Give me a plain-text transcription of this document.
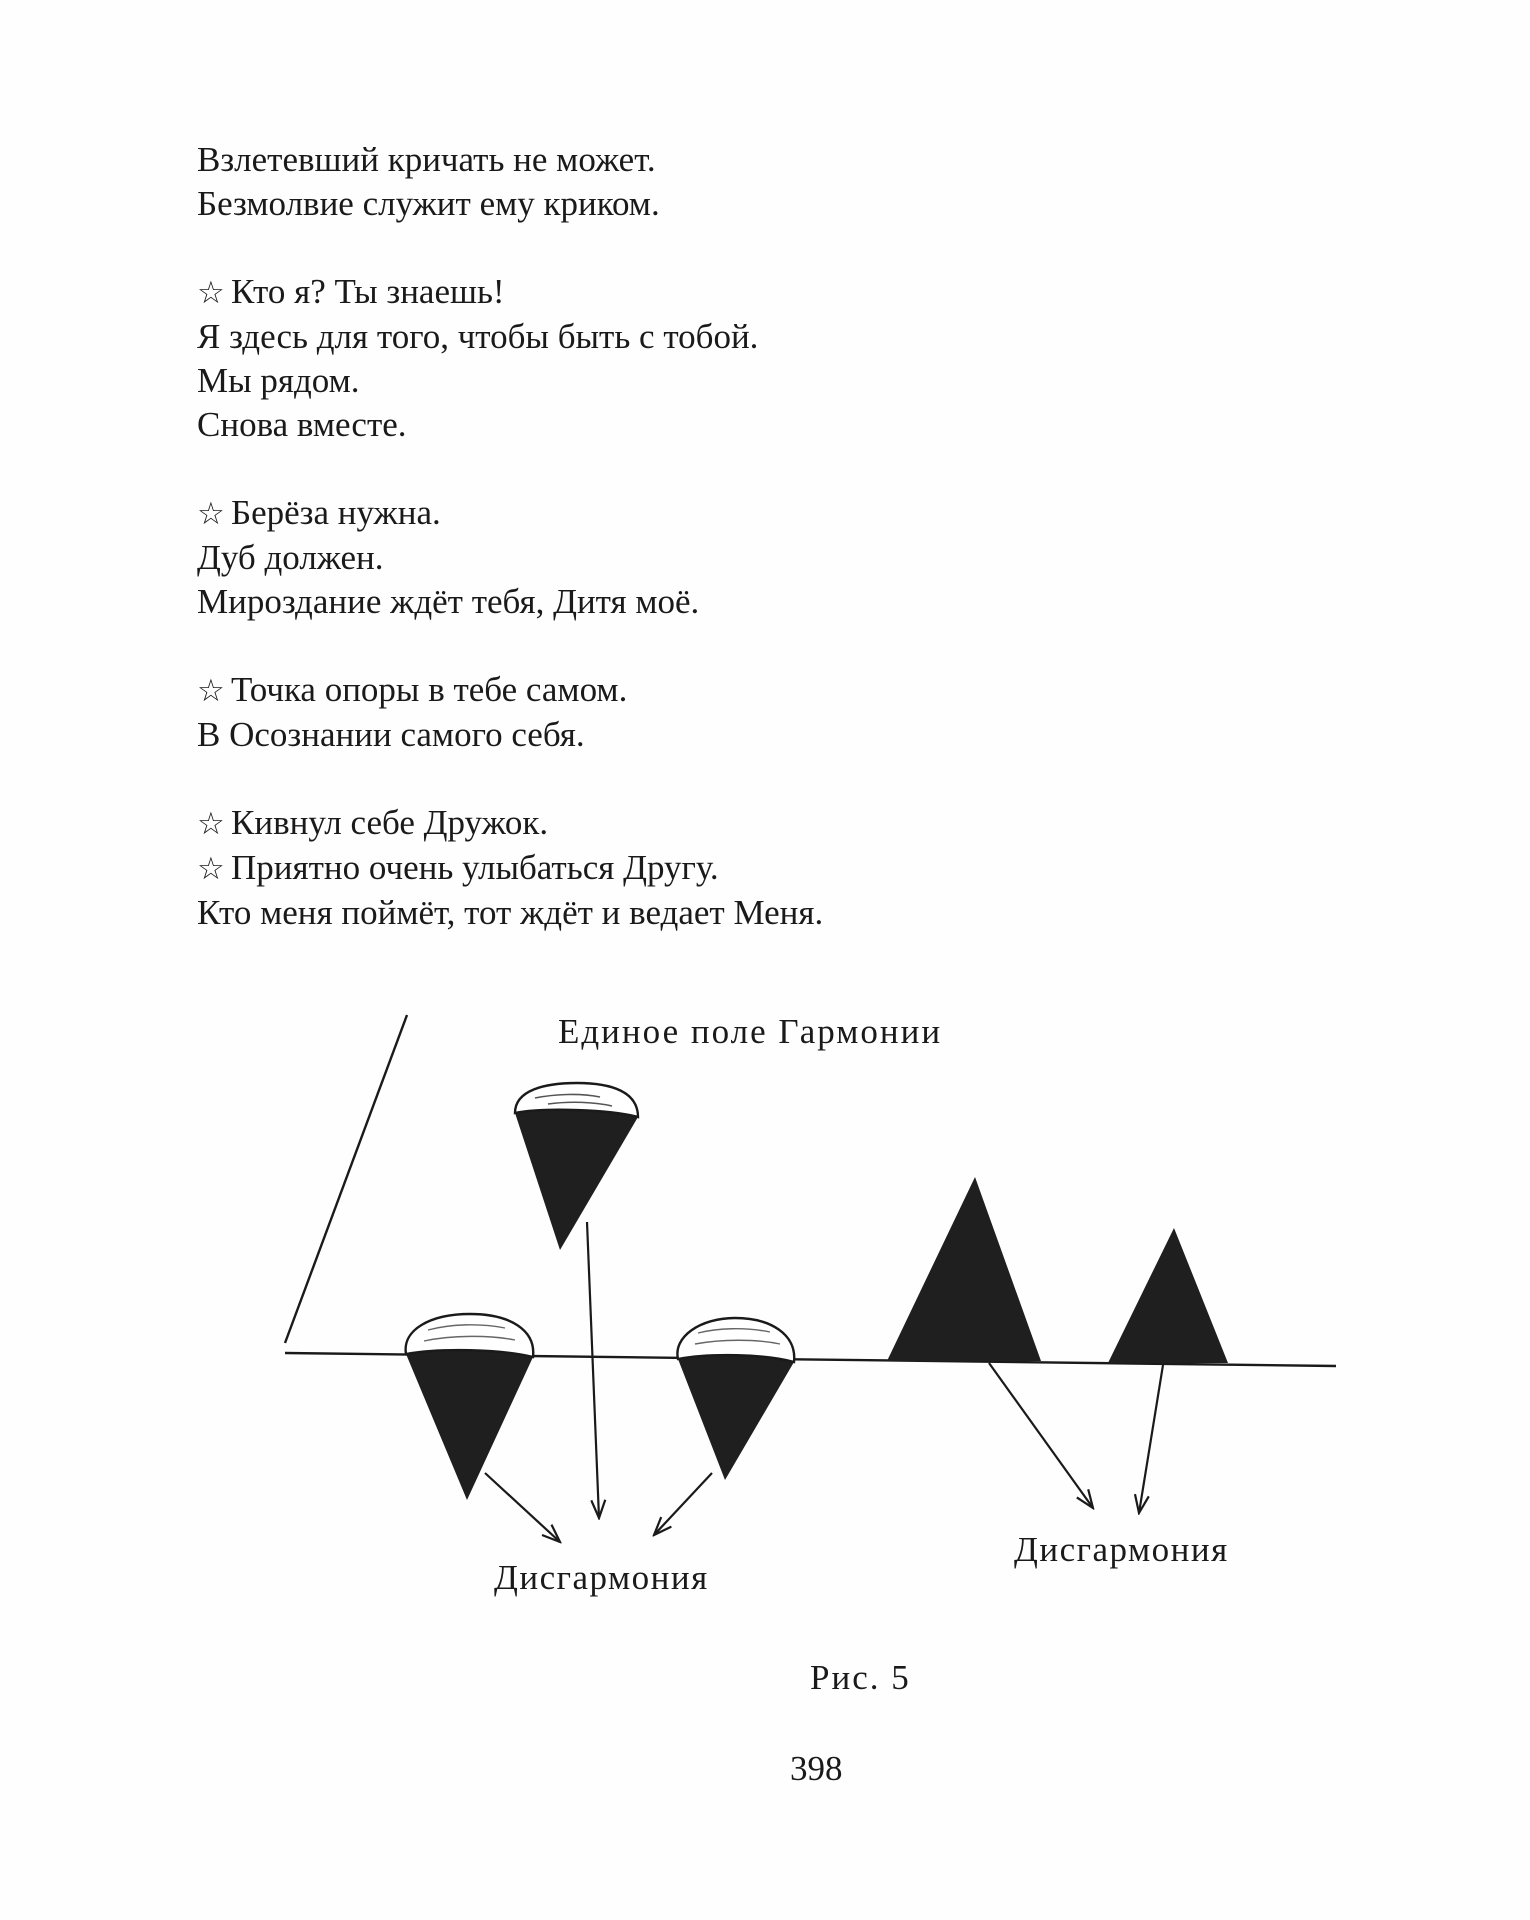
Взлетевший кричать не может.
Безмолвие служит ему криком.
☆ Кто я? Ты знаешь!
Я здесь для того, чтобы быть с тобой.
Мы рядом.
Снова вместе.
☆ Берёза нужна.
Дуб должен.
Мироздание ждёт тебя, Дитя моё.
☆ Точка опоры в тебе самом.
В Осознании самого себя.
☆ Кивнул себе Дружок.
☆ Приятно очень улыбаться Другу.
Кто меня поймёт, тот ждёт и ведает Меня.
Единое поле Гармонии
Дисгармония
Дисгармония
Рис. 5
398
